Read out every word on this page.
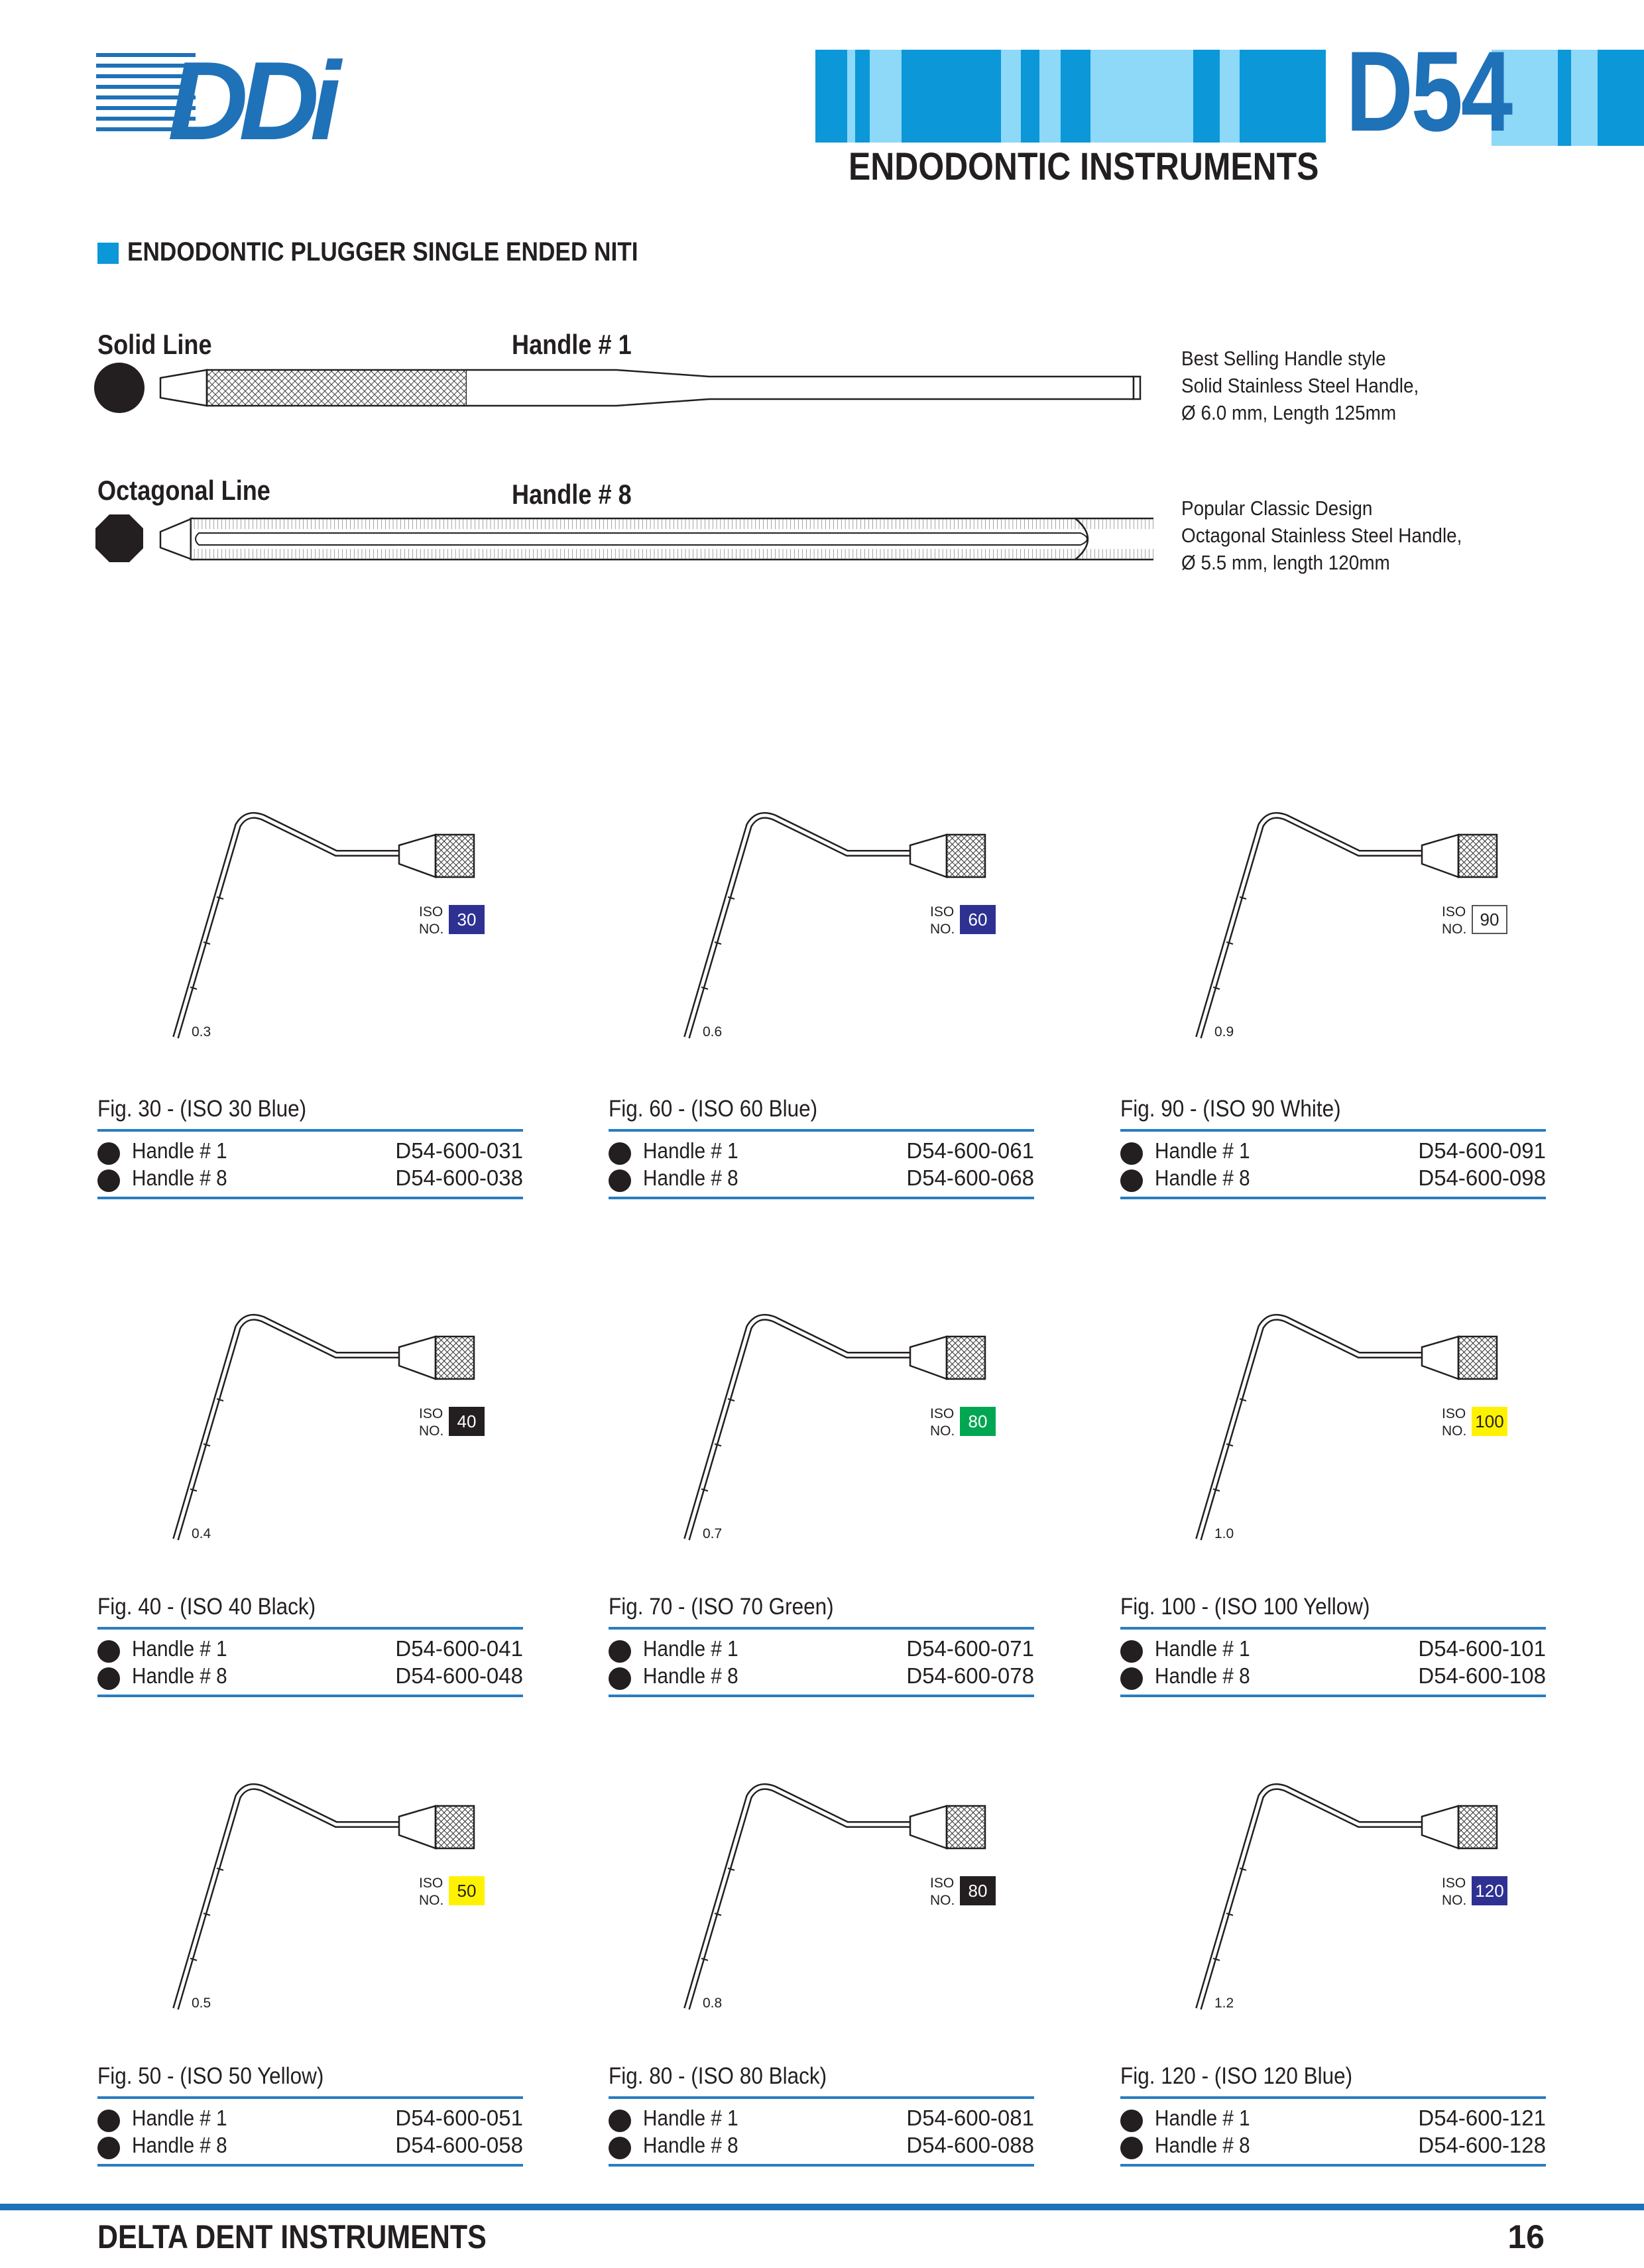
DDi	D54
ENDODONTIC INSTRUMENTS
ENDODONTIC PLUGGER SINGLE ENDED NITI
Solid Line	Handle # 1	Best Selling Handle style
Solid Stainless Steel Handle,
Ø 6.0 mm, Length 125mm
Octagonal Line	Handle # 8	Popular Classic Design
Octagonal Stainless Steel Handle,
Ø 5.5 mm, length 120mm
ISO
NO. 30
0.3
Fig. 30 - (ISO 30 Blue)
Handle # 1	D54-600-031
Handle # 8	D54-600-038
ISO
NO. 60
0.6
Fig. 60 - (ISO 60 Blue)
Handle # 1	D54-600-061
Handle # 8	D54-600-068
ISO
NO. 90
0.9
Fig. 90 - (ISO 90 White)
Handle # 1	D54-600-091
Handle # 8	D54-600-098
ISO
NO. 40
0.4
Fig. 40 - (ISO 40 Black)
Handle # 1	D54-600-041
Handle # 8	D54-600-048
ISO
NO. 80
0.7
Fig. 70 - (ISO 70 Green)
Handle # 1	D54-600-071
Handle # 8	D54-600-078
ISO
NO. 100
1.0
Fig. 100 - (ISO 100 Yellow)
Handle # 1	D54-600-101
Handle # 8	D54-600-108
ISO
NO. 50
0.5
Fig. 50 - (ISO 50 Yellow)
Handle # 1	D54-600-051
Handle # 8	D54-600-058
ISO
NO. 80
0.8
Fig. 80 - (ISO 80 Black)
Handle # 1	D54-600-081
Handle # 8	D54-600-088
ISO
NO. 120
1.2
Fig. 120 - (ISO 120 Blue)
Handle # 1	D54-600-121
Handle # 8	D54-600-128
DELTA DENT INSTRUMENTS	16
